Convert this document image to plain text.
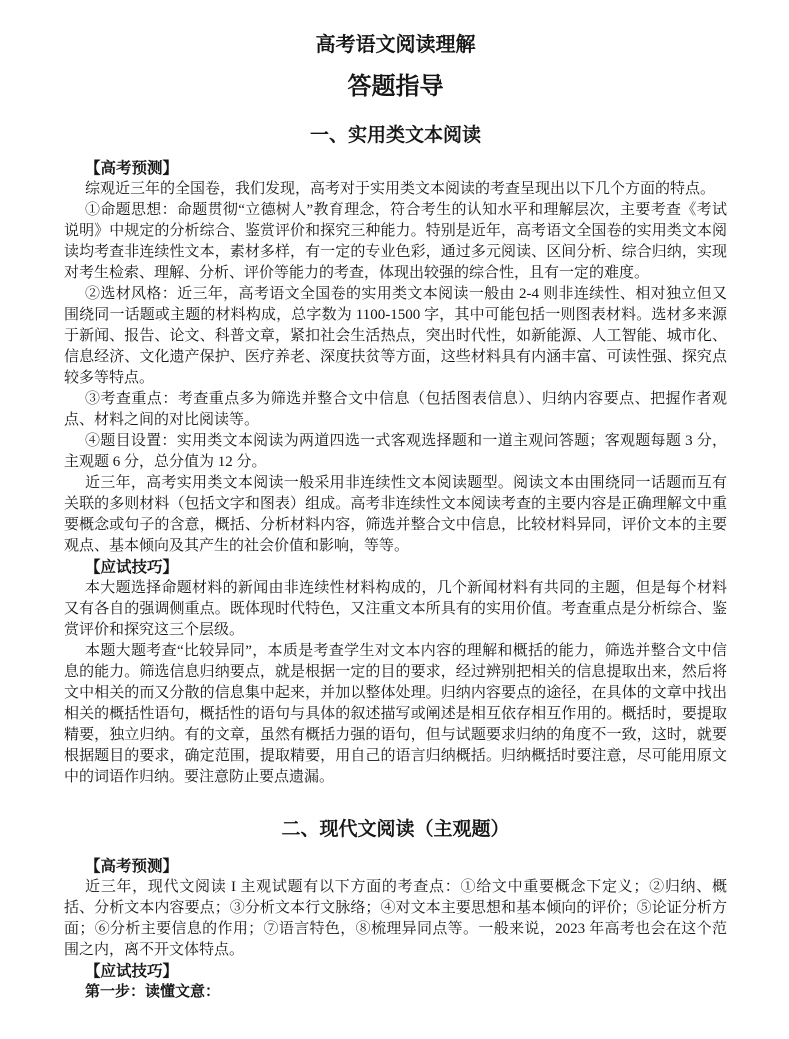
高考语文阅读理解
答题指导
一、实用类文本阅读

【高考预测】

综观近三年的全国卷，我们发现，高考对于实用类文本阅读的考查呈现出以下几个方面的特点。

①命题思想：命题贯彻“立德树人”教育理念，符合考生的认知水平和理解层次，主要考查《考试说明》中规定的分析综合、鉴赏评价和探究三种能力。特别是近年，高考语文全国卷的实用类文本阅读均考查非连续性文本，素材多样，有一定的专业色彩，通过多元阅读、区间分析、综合归纳，实现对考生检索、理解、分析、评价等能力的考查，体现出较强的综合性，且有一定的难度。

②选材风格：近三年，高考语文全国卷的实用类文本阅读一般由 2-4 则非连续性、相对独立但又围绕同一话题或主题的材料构成，总字数为 1100-1500 字，其中可能包括一则图表材料。选材多来源于新闻、报告、论文、科普文章，紧扣社会生活热点，突出时代性，如新能源、人工智能、城市化、信息经济、文化遗产保护、医疗养老、深度扶贫等方面，这些材料具有内涵丰富、可读性强、探究点较多等特点。

③考查重点：考查重点多为筛选并整合文中信息（包括图表信息）、归纳内容要点、把握作者观点、材料之间的对比阅读等。

④题目设置：实用类文本阅读为两道四选一式客观选择题和一道主观问答题；客观题每题 3 分，主观题 6 分，总分值为 12 分。

近三年，高考实用类文本阅读一般采用非连续性文本阅读题型。阅读文本由围绕同一话题而互有关联的多则材料（包括文字和图表）组成。高考非连续性文本阅读考查的主要内容是正确理解文中重要概念或句子的含意，概括、分析材料内容，筛选并整合文中信息，比较材料异同，评价文本的主要观点、基本倾向及其产生的社会价值和影响，等等。

【应试技巧】

本大题选择命题材料的新闻由非连续性材料构成的，几个新闻材料有共同的主题，但是每个材料又有各自的强调侧重点。既体现时代特色，又注重文本所具有的实用价值。考查重点是分析综合、鉴赏评价和探究这三个层级。

本题大题考查“比较异同”，本质是考查学生对文本内容的理解和概括的能力，筛选并整合文中信息的能力。筛选信息归纳要点，就是根据一定的目的要求，经过辨别把相关的信息提取出来，然后将文中相关的而又分散的信息集中起来，并加以整体处理。归纳内容要点的途径，在具体的文章中找出相关的概括性语句，概括性的语句与具体的叙述描写或阐述是相互依存相互作用的。概括时，要提取精要，独立归纳。有的文章，虽然有概括力强的语句，但与试题要求归纳的角度不一致，这时，就要根据题目的要求，确定范围，提取精要，用自己的语言归纳概括。归纳概括时要注意，尽可能用原文中的词语作归纳。要注意防止要点遗漏。

二、现代文阅读（主观题）

【高考预测】

近三年，现代文阅读 I 主观试题有以下方面的考查点：①给文中重要概念下定义；②归纳、概括、分析文本内容要点；③分析文本行文脉络；④对文本主要思想和基本倾向的评价；⑤论证分析方面；⑥分析主要信息的作用；⑦语言特色，⑧梳理异同点等。一般来说，2023 年高考也会在这个范围之内，离不开文体特点。

【应试技巧】

第一步：读懂文意：
